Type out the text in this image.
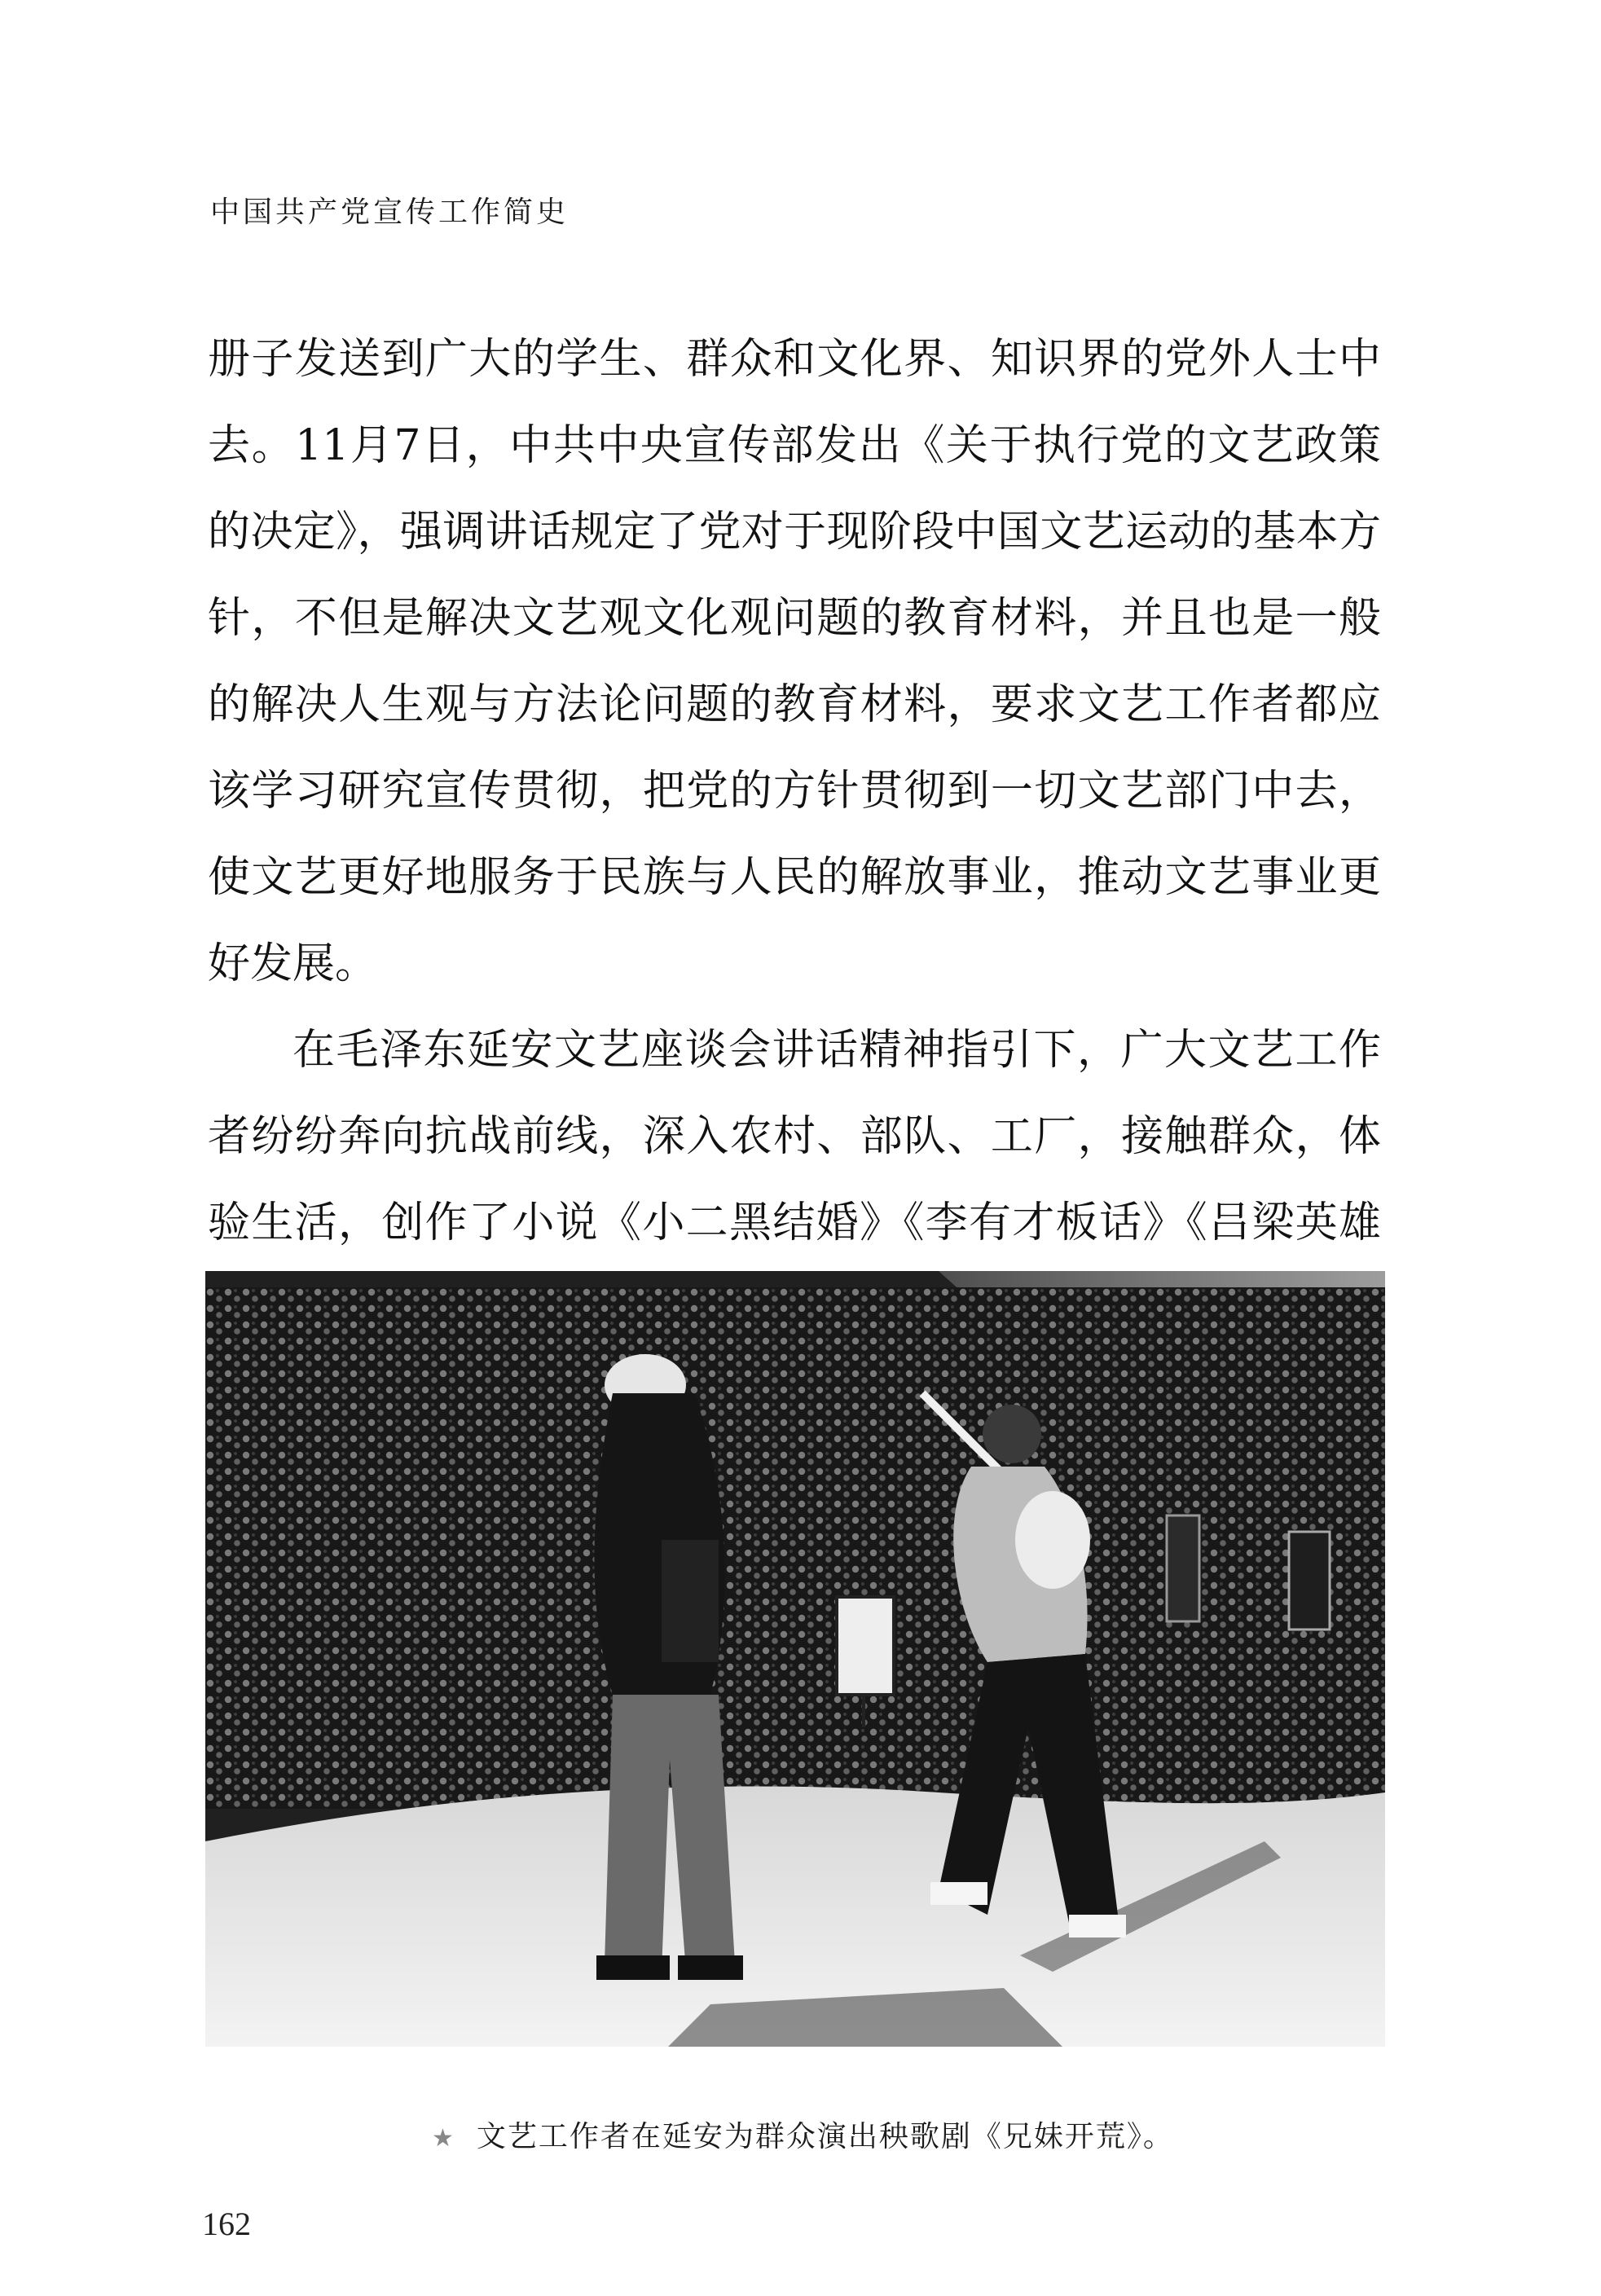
中国共产党宣传工作简史

册子发送到广大的学生、群众和文化界、知识界的党外人士中去。11月7日，中共中央宣传部发出《关于执行党的文艺政策的决定》，强调讲话规定了党对于现阶段中国文艺运动的基本方针，不但是解决文艺观文化观问题的教育材料，并且也是一般的解决人生观与方法论问题的教育材料，要求文艺工作者都应该学习研究宣传贯彻，把党的方针贯彻到一切文艺部门中去，使文艺更好地服务于民族与人民的解放事业，推动文艺事业更好发展。

在毛泽东延安文艺座谈会讲话精神指引下，广大文艺工作者纷纷奔向抗战前线，深入农村、部队、工厂，接触群众，体验生活，创作了小说《小二黑结婚》《李有才板话》《吕梁英雄

★ 文艺工作者在延安为群众演出秧歌剧《兄妹开荒》。
162
